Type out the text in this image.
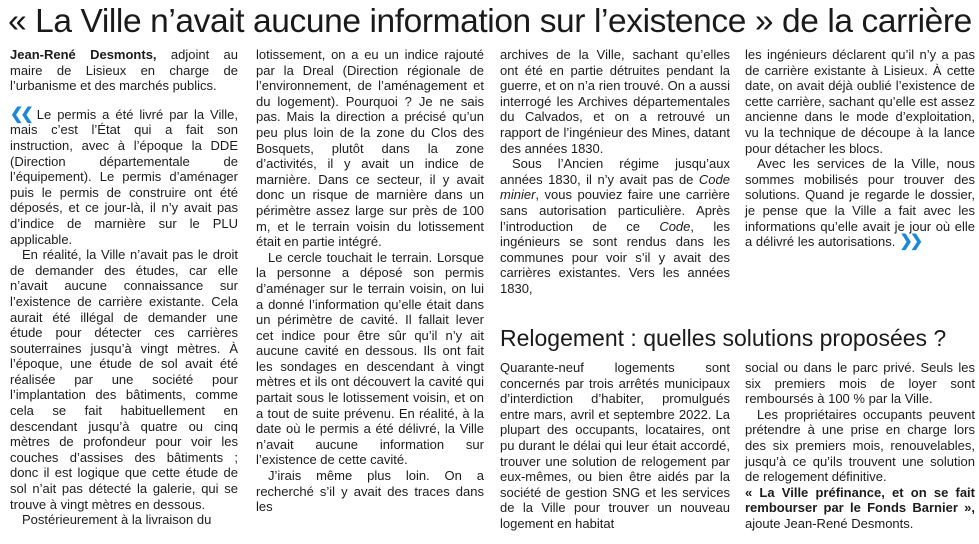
« La Ville n’avait aucune information sur l’existence » de la carrière

Jean-René Desmonts, adjoint au maire de Lisieux en charge de l’urbanisme et des marchés publics.

❮❮ Le permis a été livré par la Ville, mais c’est l’État qui a fait son instruction, avec à l’époque la DDE (Direction départementale de l’équipement). Le permis d’aménager puis le permis de construire ont été déposés, et ce jour-là, il n’y avait pas d’indice de marnière sur le PLU applicable.

En réalité, la Ville n’avait pas le droit de demander des études, car elle n’avait aucune connaissance sur l’existence de carrière existante. Cela aurait été illégal de demander une étude pour détecter ces carrières souterraines jusqu’à vingt mètres. À l’époque, une étude de sol avait été réalisée par une société pour l’implantation des bâtiments, comme cela se fait habituellement en descendant jusqu’à quatre ou cinq mètres de profondeur pour voir les couches d’assises des bâtiments ; donc il est logique que cette étude de sol n’ait pas détecté la galerie, qui se trouve à vingt mètres en dessous.

Postérieurement à la livraison du

lotissement, on a eu un indice rajouté par la Dreal (Direction régionale de l’environnement, de l’aménagement et du logement). Pourquoi ? Je ne sais pas. Mais la direction a précisé qu’un peu plus loin de la zone du Clos des Bosquets, plutôt dans la zone d’activités, il y avait un indice de marnière. Dans ce secteur, il y avait donc un risque de marnière dans un périmètre assez large sur près de 100 m, et le terrain voisin du lotissement était en partie intégré.

Le cercle touchait le terrain. Lorsque la personne a déposé son permis d’aménager sur le terrain voisin, on lui a donné l’information qu’elle était dans un périmètre de cavité. Il fallait lever cet indice pour être sûr qu’il n’y ait aucune cavité en dessous. Ils ont fait les sondages en descendant à vingt mètres et ils ont découvert la cavité qui partait sous le lotissement voisin, et on a tout de suite prévenu. En réalité, à la date où le permis a été délivré, la Ville n’avait aucune information sur l’existence de cette cavité.

J’irais même plus loin. On a recherché s’il y avait des traces dans les

archives de la Ville, sachant qu’elles ont été en partie détruites pendant la guerre, et on n’a rien trouvé. On a aussi interrogé les Archives départementales du Calvados, et on a retrouvé un rapport de l’ingénieur des Mines, datant des années 1830.

Sous l’Ancien régime jusqu’aux années 1830, il n’y avait pas de Code minier, vous pouviez faire une carrière sans autorisation particulière. Après l’introduction de ce Code, les ingénieurs se sont rendus dans les communes pour voir s’il y avait des carrières existantes. Vers les années 1830,

les ingénieurs déclarent qu’il n’y a pas de carrière existante à Lisieux. À cette date, on avait déjà oublié l’existence de cette carrière, sachant qu’elle est assez ancienne dans le mode d’exploitation, vu la technique de découpe à la lance pour détacher les blocs.

Avec les services de la Ville, nous sommes mobilisés pour trouver des solutions. Quand je regarde le dossier, je pense que la Ville a fait avec les informations qu’elle avait je jour où elle a délivré les autorisations. ❯❯

Relogement : quelles solutions proposées ?

Quarante-neuf logements sont concernés par trois arrêtés municipaux d’interdiction d’habiter, promulgués entre mars, avril et septembre 2022. La plupart des occupants, locataires, ont pu durant le délai qui leur était accordé, trouver une solution de relogement par eux-mêmes, ou bien être aidés par la société de gestion SNG et les services de la Ville pour trouver un nouveau logement en habitat

social ou dans le parc privé. Seuls les six premiers mois de loyer sont remboursés à 100 % par la Ville.

Les propriétaires occupants peuvent prétendre à une prise en charge lors des six premiers mois, renouvelables, jusqu’à ce qu’ils trouvent une solution de relogement définitive.

« La Ville préfinance, et on se fait rembourser par le Fonds Barnier », ajoute Jean-René Desmonts.
